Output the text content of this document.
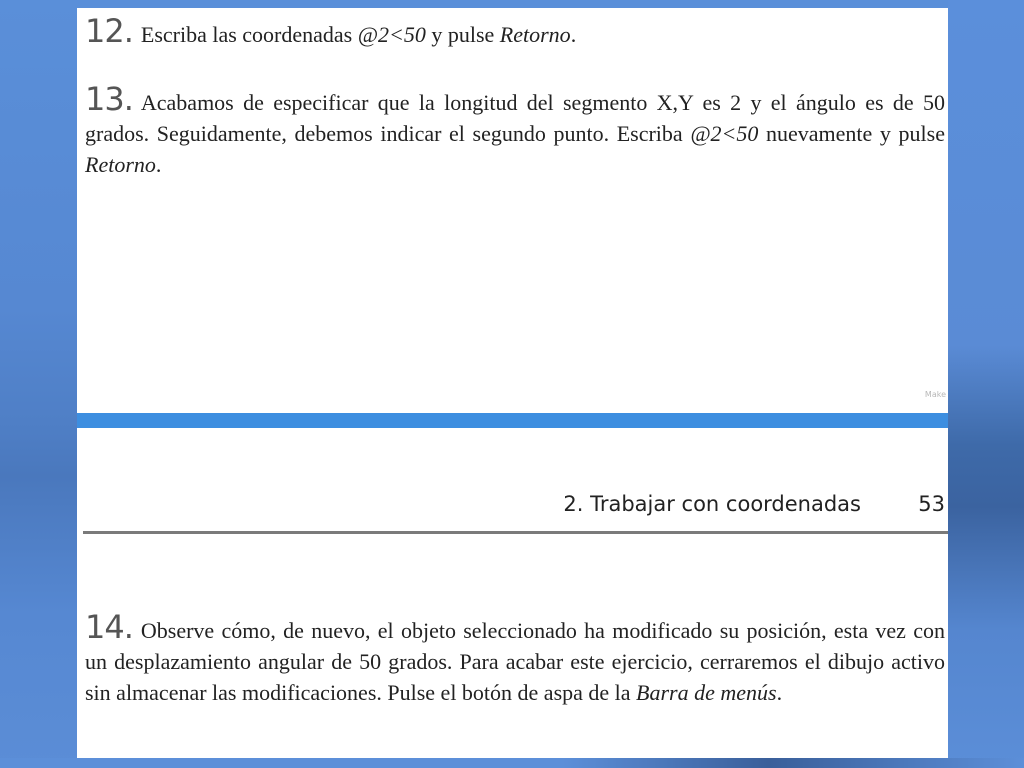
12. Escriba las coordenadas @2<50 y pulse Retorno.

13. Acabamos de especificar que la longitud del segmento X,Y es 2 y el ángulo es de 50 grados. Seguidamente, debemos indicar el segundo punto. Escriba @2<50 nuevamente y pulse Retorno.

Make
2. Trabajar con coordenadas	53

14. Observe cómo, de nuevo, el objeto seleccionado ha modificado su posición, esta vez con un desplazamiento angular de 50 grados. Para acabar este ejercicio, cerraremos el dibujo activo sin almacenar las modificaciones. Pulse el botón de aspa de la Barra de menús.
